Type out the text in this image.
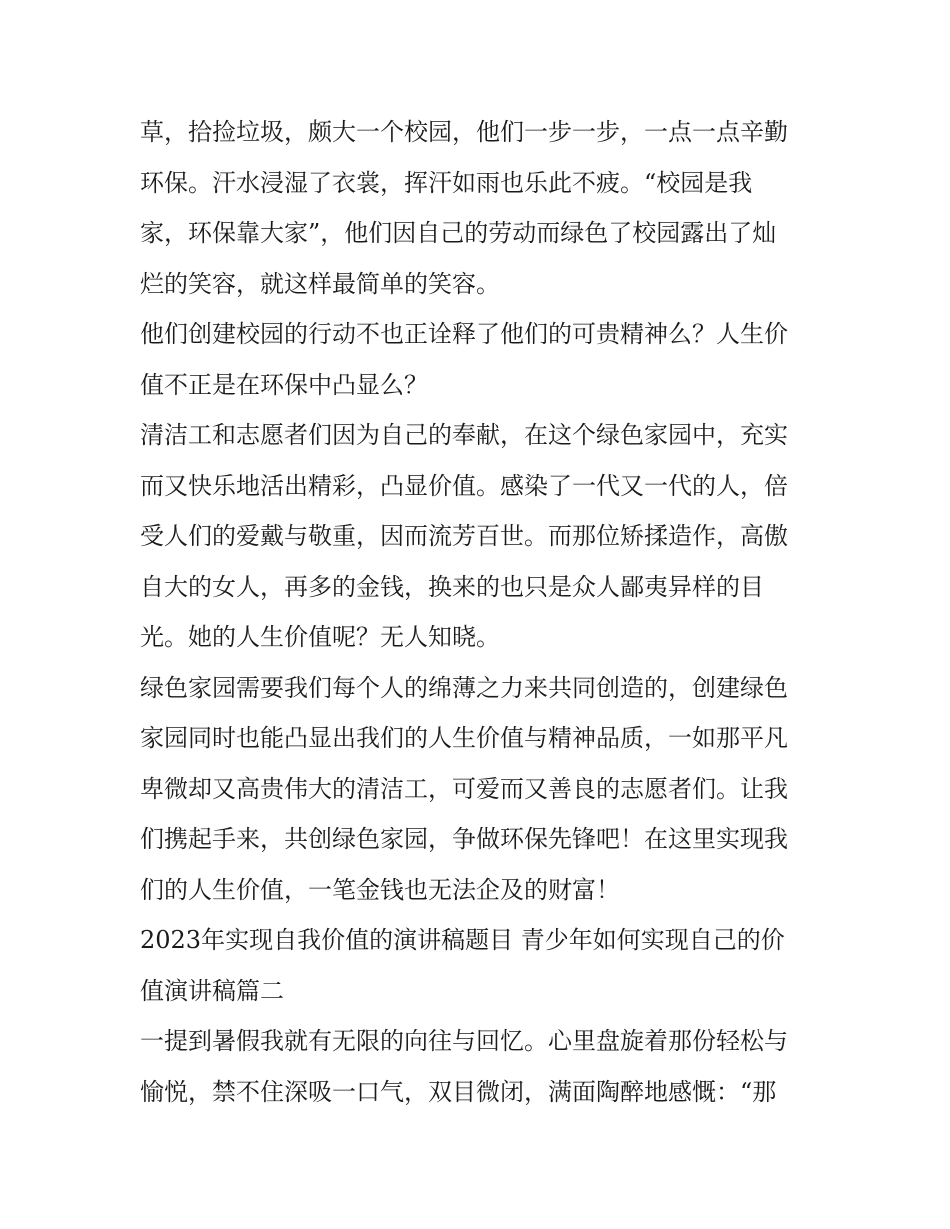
草，拾捡垃圾，颇大一个校园，他们一步一步，一点一点辛勤
环保。汗水浸湿了衣裳，挥汗如雨也乐此不疲。“校园是我
家，环保靠大家”，他们因自己的劳动而绿色了校园露出了灿
烂的笑容，就这样最简单的笑容。
他们创建校园的行动不也正诠释了他们的可贵精神么？人生价
值不正是在环保中凸显么？
清洁工和志愿者们因为自己的奉献，在这个绿色家园中，充实
而又快乐地活出精彩，凸显价值。感染了一代又一代的人，倍
受人们的爱戴与敬重，因而流芳百世。而那位矫揉造作，高傲
自大的女人，再多的金钱，换来的也只是众人鄙夷异样的目
光。她的人生价值呢？无人知晓。
绿色家园需要我们每个人的绵薄之力来共同创造的，创建绿色
家园同时也能凸显出我们的人生价值与精神品质，一如那平凡
卑微却又高贵伟大的清洁工，可爱而又善良的志愿者们。让我
们携起手来，共创绿色家园，争做环保先锋吧！在这里实现我
们的人生价值，一笔金钱也无法企及的财富！
2023年实现自我价值的演讲稿题目 青少年如何实现自己的价
值演讲稿篇二
一提到暑假我就有无限的向往与回忆。心里盘旋着那份轻松与
愉悦，禁不住深吸一口气，双目微闭，满面陶醉地感慨：“那
